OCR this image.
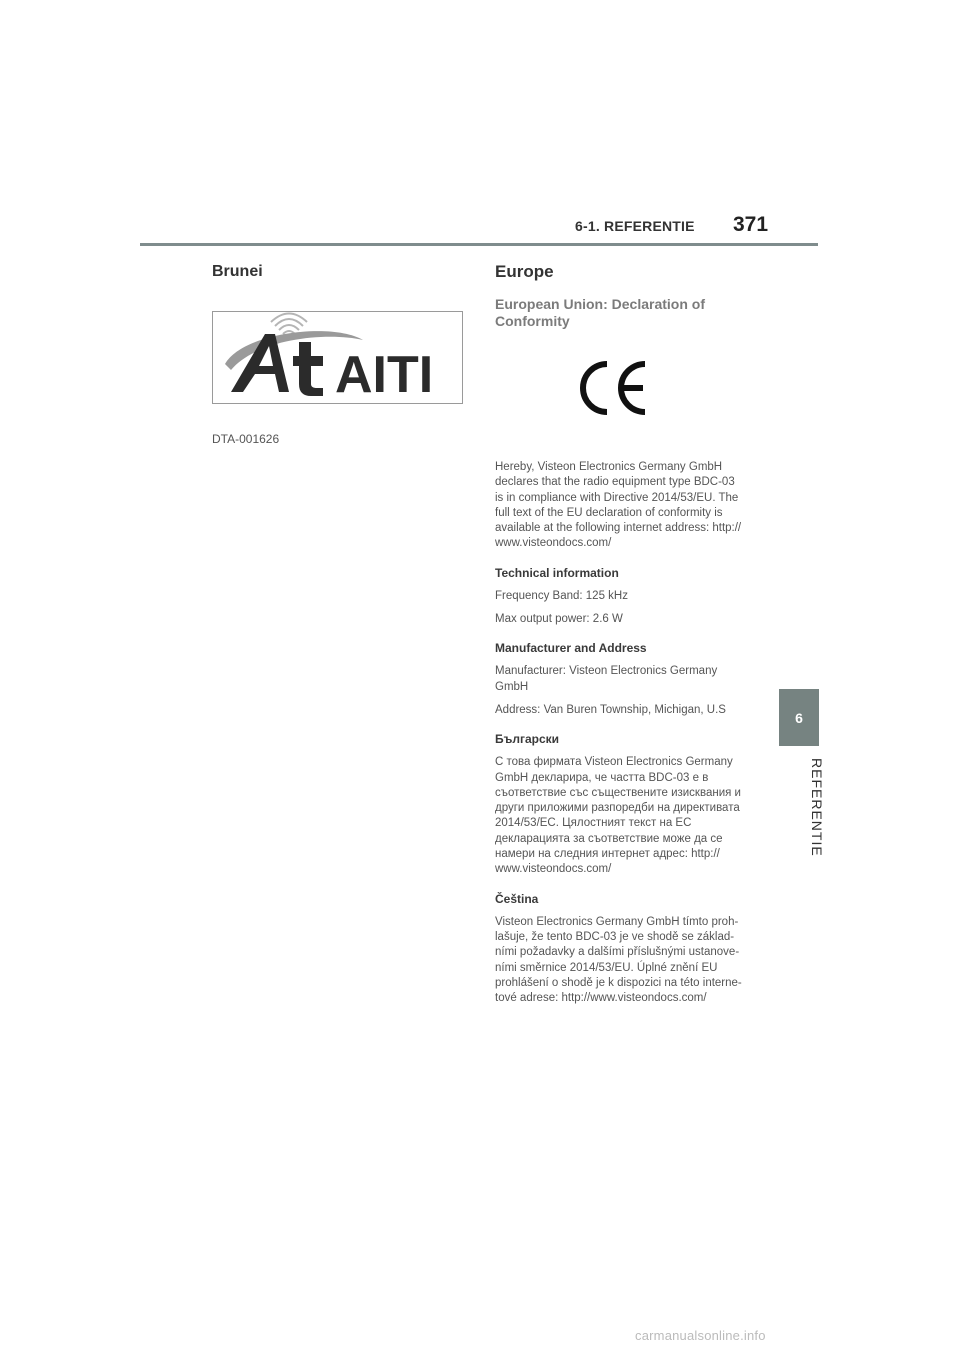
6-1. REFERENTIE 371
6
REFERENTIE
Brunei
AITI
DTA-001626
Europe
European Union: Declaration of
Conformity

Hereby, Visteon Electronics Germany GmbH

declares that the radio equipment type BDC-03

is in compliance with Directive 2014/53/EU. The

full text of the EU declaration of conformity is

available at the following internet address: http://

www.visteondocs.com/

Technical information

Frequency Band: 125 kHz

Max output power: 2.6 W

Manufacturer and Address

Manufacturer: Visteon Electronics Germany

GmbH

Address: Van Buren Township, Michigan, U.S

Български

С това фирмата Visteon Electronics Germany

GmbH декларира, че частта BDC-03 е в

съответствие със съществените изисквания и

други приложими разпоредби на директивата

2014/53/EC. Цялостният текст на EC

декларацията за съответствие може да се

намери на следния интернет адрес: http://

www.visteondocs.com/

Čeština

Visteon Electronics Germany GmbH tímto proh-

lašuje, že tento BDC-03 je ve shodě se základ-

ními požadavky a dalšími příslušnými ustanove-

ními směrnice 2014/53/EU. Úplné znění EU

prohlášení o shodě je k dispozici na této interne-

tové adrese: http://www.visteondocs.com/

carmanualsonline.info
